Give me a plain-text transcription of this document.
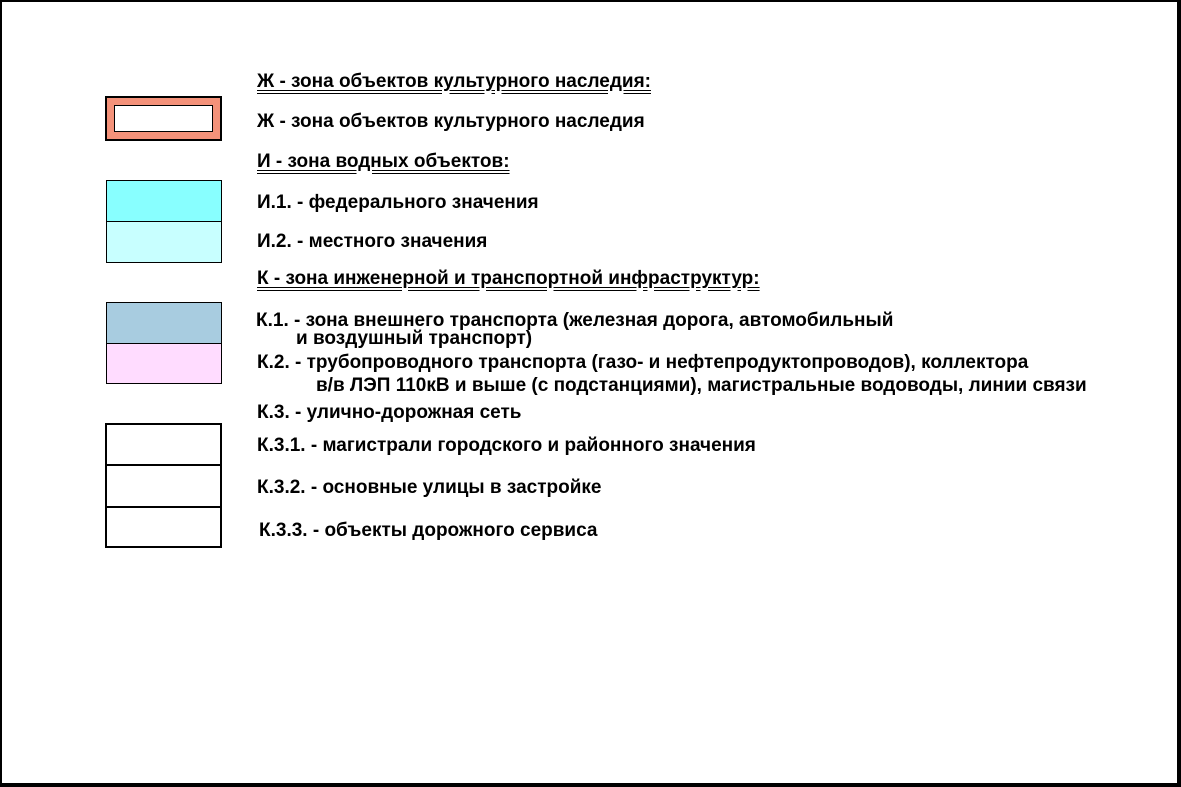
Ж - зона объектов культурного наследия:
Ж - зона объектов культурного наследия
И - зона водных объектов:
И.1. - федерального значения
И.2. - местного значения
К - зона инженерной и транспортной инфраструктур:
К.1. - зона внешнего транспорта (железная дорога, автомобильный
и воздушный транспорт)
К.2. - трубопроводного транспорта (газо- и нефтепродуктопроводов), коллектора
в/в ЛЭП 110кВ и выше (с подстанциями), магистральные водоводы, линии связи
К.3. - улично-дорожная сеть
К.3.1. - магистрали городского и районного значения
К.3.2. - основные улицы в застройке
К.3.3. - объекты дорожного сервиса
